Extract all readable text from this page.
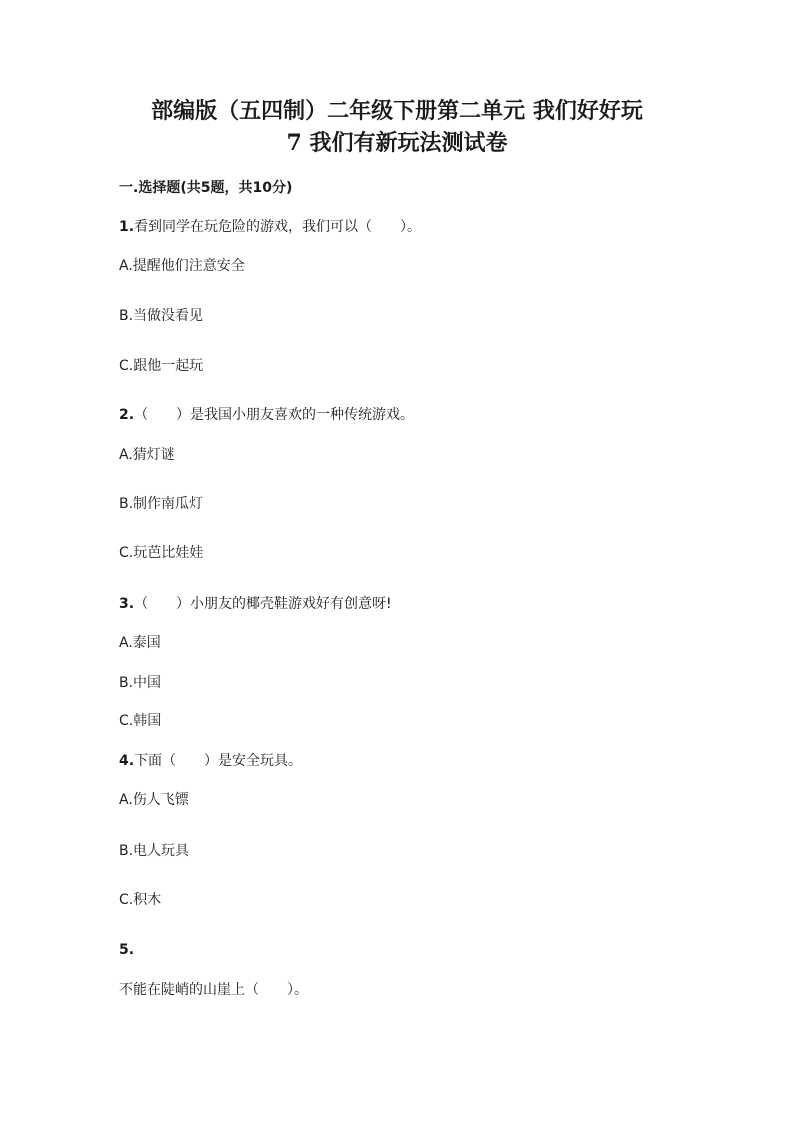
部编版（五四制）二年级下册第二单元 我们好好玩
7 我们有新玩法测试卷
一.选择题(共5题，共10分)
1.看到同学在玩危险的游戏，我们可以（　　）。
A.提醒他们注意安全
B.当做没看见
C.跟他一起玩
2.（　　）是我国小朋友喜欢的一种传统游戏。
A.猜灯谜
B.制作南瓜灯
C.玩芭比娃娃
3.（　　）小朋友的椰壳鞋游戏好有创意呀!
A.泰国
B.中国
C.韩国
4.下面（　　）是安全玩具。
A.伤人飞镖
B.电人玩具
C.积木
5.
不能在陡峭的山崖上（　　）。
